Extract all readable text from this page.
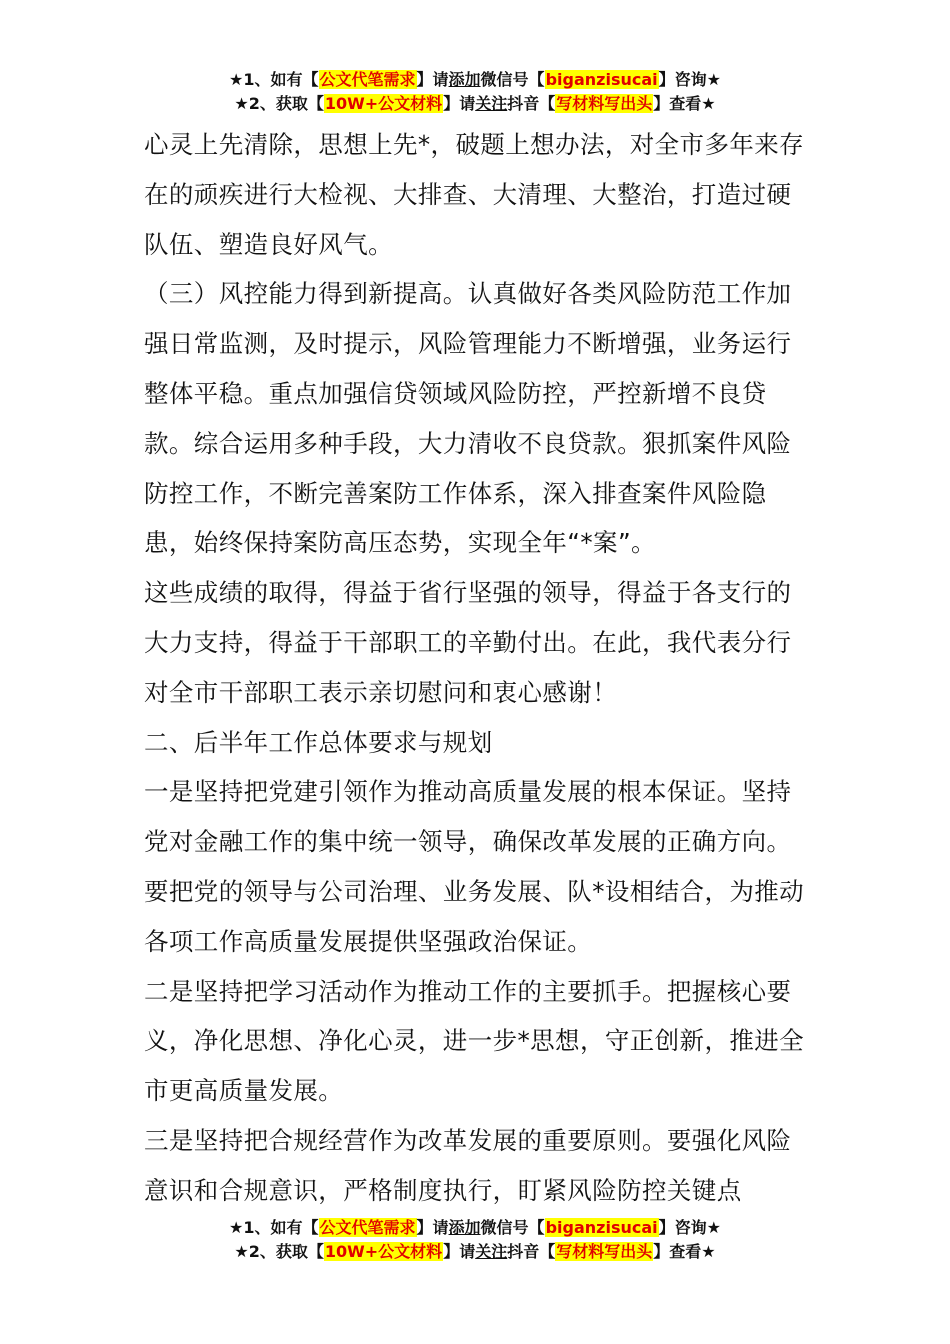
★1、如有【公文代笔需求】请添加微信号【biganzisucai】咨询★
★2、获取【10W+公文材料】请关注抖音【写材料写出头】查看★

心灵上先清除，思想上先*，破题上想办法，对全市多年来存在的顽疾进行大检视、大排查、大清理、大整治，打造过硬队伍、塑造良好风气。

（三）风控能力得到新提高。认真做好各类风险防范工作加强日常监测，及时提示，风险管理能力不断增强，业务运行整体平稳。重点加强信贷领域风险防控，严控新增不良贷款。综合运用多种手段，大力清收不良贷款。狠抓案件风险防控工作，不断完善案防工作体系，深入排查案件风险隐患，始终保持案防高压态势，实现全年“*案”。

这些成绩的取得，得益于省行坚强的领导，得益于各支行的大力支持，得益于干部职工的辛勤付出。在此，我代表分行对全市干部职工表示亲切慰问和衷心感谢！

二、后半年工作总体要求与规划

一是坚持把党建引领作为推动高质量发展的根本保证。坚持党对金融工作的集中统一领导，确保改革发展的正确方向。要把党的领导与公司治理、业务发展、队*设相结合，为推动各项工作高质量发展提供坚强政治保证。

二是坚持把学习活动作为推动工作的主要抓手。把握核心要义，净化思想、净化心灵，进一步*思想，守正创新，推进全市更高质量发展。

三是坚持把合规经营作为改革发展的重要原则。要强化风险意识和合规意识，严格制度执行，盯紧风险防控关键点

★1、如有【公文代笔需求】请添加微信号【biganzisucai】咨询★
★2、获取【10W+公文材料】请关注抖音【写材料写出头】查看★
